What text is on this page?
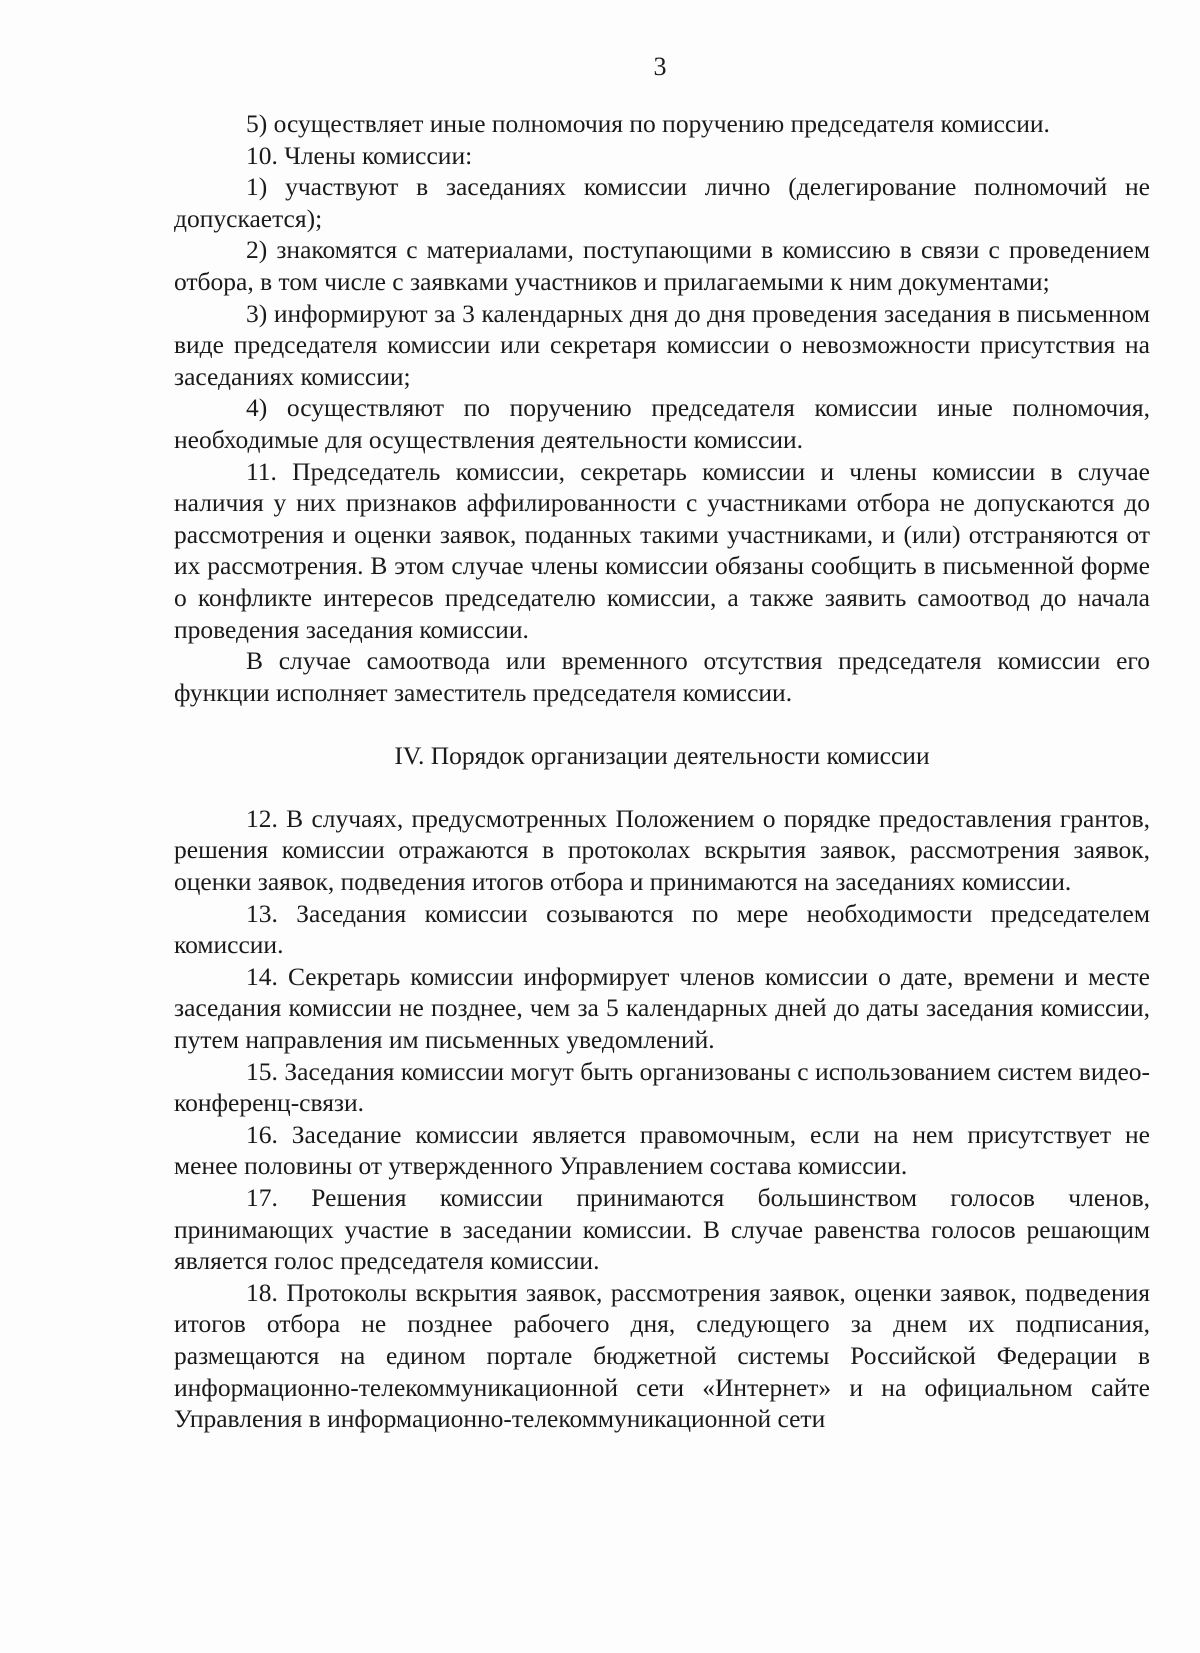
3

5) осуществляет иные полномочия по поручению председателя комиссии.

10. Члены комиссии:

1) участвуют в заседаниях комиссии лично (делегирование полномочий не допускается);

2) знакомятся с материалами, поступающими в комиссию в связи с проведением отбора, в том числе с заявками участников и прилагаемыми к ним документами;

3) информируют за 3 календарных дня до дня проведения заседания в письменном виде председателя комиссии или секретаря комиссии о невозможности присутствия на заседаниях комиссии;

4) осуществляют по поручению председателя комиссии иные полномочия, необходимые для осуществления деятельности комиссии.

11. Председатель комиссии, секретарь комиссии и члены комиссии в случае наличия у них признаков аффилированности с участниками отбора не допускаются до рассмотрения и оценки заявок, поданных такими участниками, и (или) отстраняются от их рассмотрения. В этом случае члены комиссии обязаны сообщить в письменной форме о конфликте интересов председателю комиссии, а также заявить самоотвод до начала проведения заседания комиссии.

В случае самоотвода или временного отсутствия председателя комиссии его функции исполняет заместитель председателя комиссии.

IV. Порядок организации деятельности комиссии

12. В случаях, предусмотренных Положением о порядке предоставления грантов, решения комиссии отражаются в протоколах вскрытия заявок, рассмотрения заявок, оценки заявок, подведения итогов отбора и принимаются на заседаниях комиссии.

13. Заседания комиссии созываются по мере необходимости председателем комиссии.

14. Секретарь комиссии информирует членов комиссии о дате, времени и месте заседания комиссии не позднее, чем за 5 календарных дней до даты заседания комиссии, путем направления им письменных уведомлений.

15. Заседания комиссии могут быть организованы с использованием систем видео-конференц-связи.

16. Заседание комиссии является правомочным, если на нем присутствует не менее половины от утвержденного Управлением состава комиссии.

17. Решения комиссии принимаются большинством голосов членов, принимающих участие в заседании комиссии. В случае равенства голосов решающим является голос председателя комиссии.

18. Протоколы вскрытия заявок, рассмотрения заявок, оценки заявок, подведения итогов отбора не позднее рабочего дня, следующего за днем их подписания, размещаются на едином портале бюджетной системы Российской Федерации в информационно-телекоммуникационной сети «Интернет» и на официальном сайте Управления в информационно-телекоммуникационной сети
